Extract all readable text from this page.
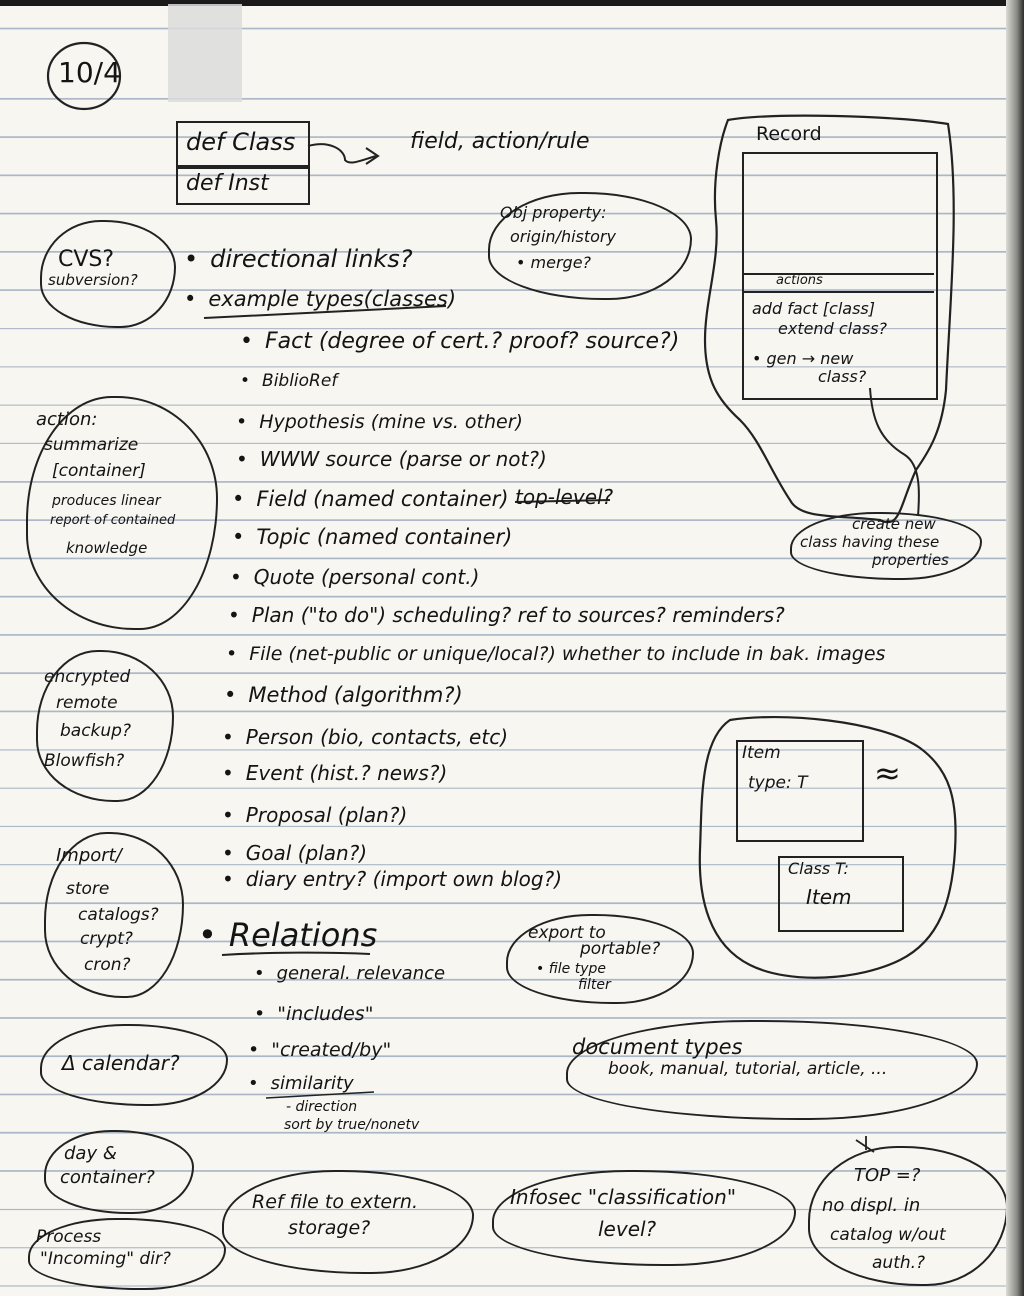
10/4
def Class
def Inst
field, action/rule	Record
actions
add fact [class]
extend class?
• gen → new
class?
create new
class having these
properties
Obj property:
origin/history
• merge?
CVS?
subversion?
action:
summarize
[container]
produces linear
report of contained
knowledge
• directional links?
• example types(classes)
• Fact (degree of cert.? proof? source?)
• BiblioRef
• Hypothesis (mine vs. other)
• WWW source (parse or not?)
• Field (named container) top-level?
• Topic (named container)
• Quote (personal cont.)
• Plan ("to do") scheduling? ref to sources? reminders?
• File (net-public or unique/local?) whether to include in bak. images
• Method (algorithm?)
• Person (bio, contacts, etc)
• Event (hist.? news?)
• Proposal (plan?)
• Goal (plan?)
• diary entry? (import own blog?)
• Relations
• general. relevance
• "includes"
• "created/by"
• similarity
- direction
sort by true/nonetv
encrypted
remote
backup?
Blowfish?
Import/
store
catalogs?
crypt?
cron?
Δ calendar?
day &
container?
Process
"Incoming" dir?
Ref file to extern.
storage?
Infosec "classification"
level?
TOP =?
no displ. in
catalog w/out
auth.?
export to
portable?
• file type
filter
document types
book, manual, tutorial, article, ...
Item
type: T ≈
Class T:
Item
